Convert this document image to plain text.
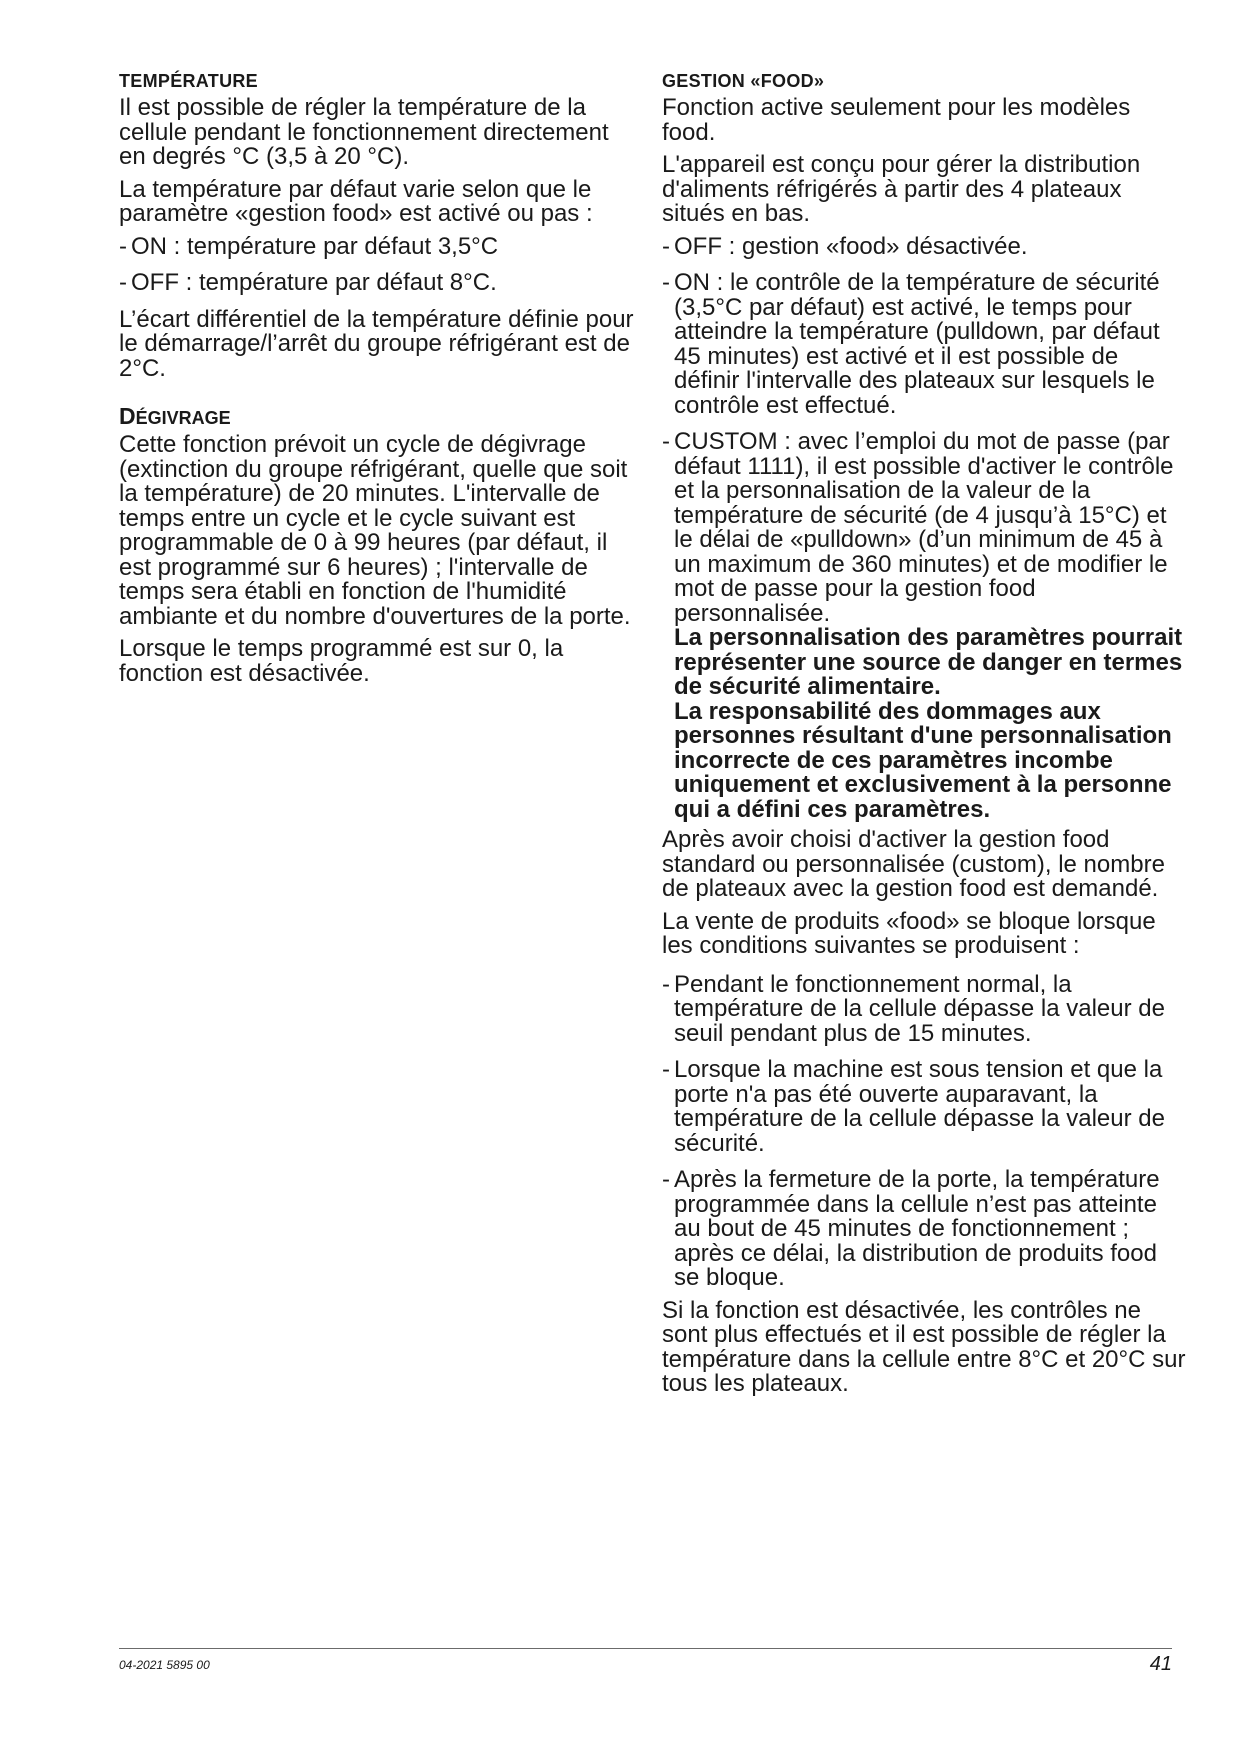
TEMPÉRATURE

Il est possible de régler la température de la cellule pendant le fonctionnement directement en degrés °C (3,5 à 20 °C).

La température par défaut varie selon que le paramètre «gestion food» est activé ou pas :

- ON : température par défaut 3,5°C
- OFF : température par défaut 8°C.

L’écart différentiel de la température définie pour le démarrage/l’arrêt du groupe réfrigérant est de 2°C.

DÉGIVRAGE

Cette fonction prévoit un cycle de dégivrage (extinction du groupe réfrigérant, quelle que soit la température) de 20 minutes. L'intervalle de temps entre un cycle et le cycle suivant est programmable de 0 à 99 heures (par défaut, il est programmé sur 6 heures) ; l'intervalle de temps sera établi en fonction de l'humidité ambiante et du nombre d'ouvertures de la porte.

Lorsque le temps programmé est sur 0, la fonction est désactivée.

GESTION «FOOD»

Fonction active seulement pour les modèles food.

L'appareil est conçu pour gérer la distribution d'aliments réfrigérés à partir des 4 plateaux situés en bas.

- OFF : gestion «food» désactivée.
- ON : le contrôle de la température de sécurité (3,5°C par défaut) est activé, le temps pour atteindre la température (pulldown, par défaut 45 minutes) est activé et il est possible de définir l'intervalle des plateaux sur lesquels le contrôle est effectué.
- CUSTOM : avec l’emploi du mot de passe (par défaut 1111), il est possible d'activer le contrôle et la personnalisation de la valeur de la température de sécurité (de 4 jusqu’à 15°C) et le délai de «pulldown» (d’un minimum de 45 à un maximum de 360 minutes) et de modifier le mot de passe pour la gestion food personnalisée.
La personnalisation des paramètres pourrait représenter une source de danger en termes de sécurité alimentaire.
La responsabilité des dommages aux personnes résultant d'une personnalisation incorrecte de ces paramètres incombe uniquement et exclusivement à la personne qui a défini ces paramètres.

Après avoir choisi d'activer la gestion food standard ou personnalisée (custom), le nombre de plateaux avec la gestion food est demandé.

La vente de produits «food» se bloque lorsque les conditions suivantes se produisent :

- Pendant le fonctionnement normal, la température de la cellule dépasse la valeur de seuil pendant plus de 15 minutes.
- Lorsque la machine est sous tension et que la porte n'a pas été ouverte auparavant, la température de la cellule dépasse la valeur de sécurité.
- Après la fermeture de la porte, la température programmée dans la cellule n’est pas atteinte au bout de 45 minutes de fonctionnement ; après ce délai, la distribution de produits food se bloque.

Si la fonction est désactivée, les contrôles ne sont plus effectués et il est possible de régler la température dans la cellule entre 8°C et 20°C sur tous les plateaux.

04-2021 5895 00	41
